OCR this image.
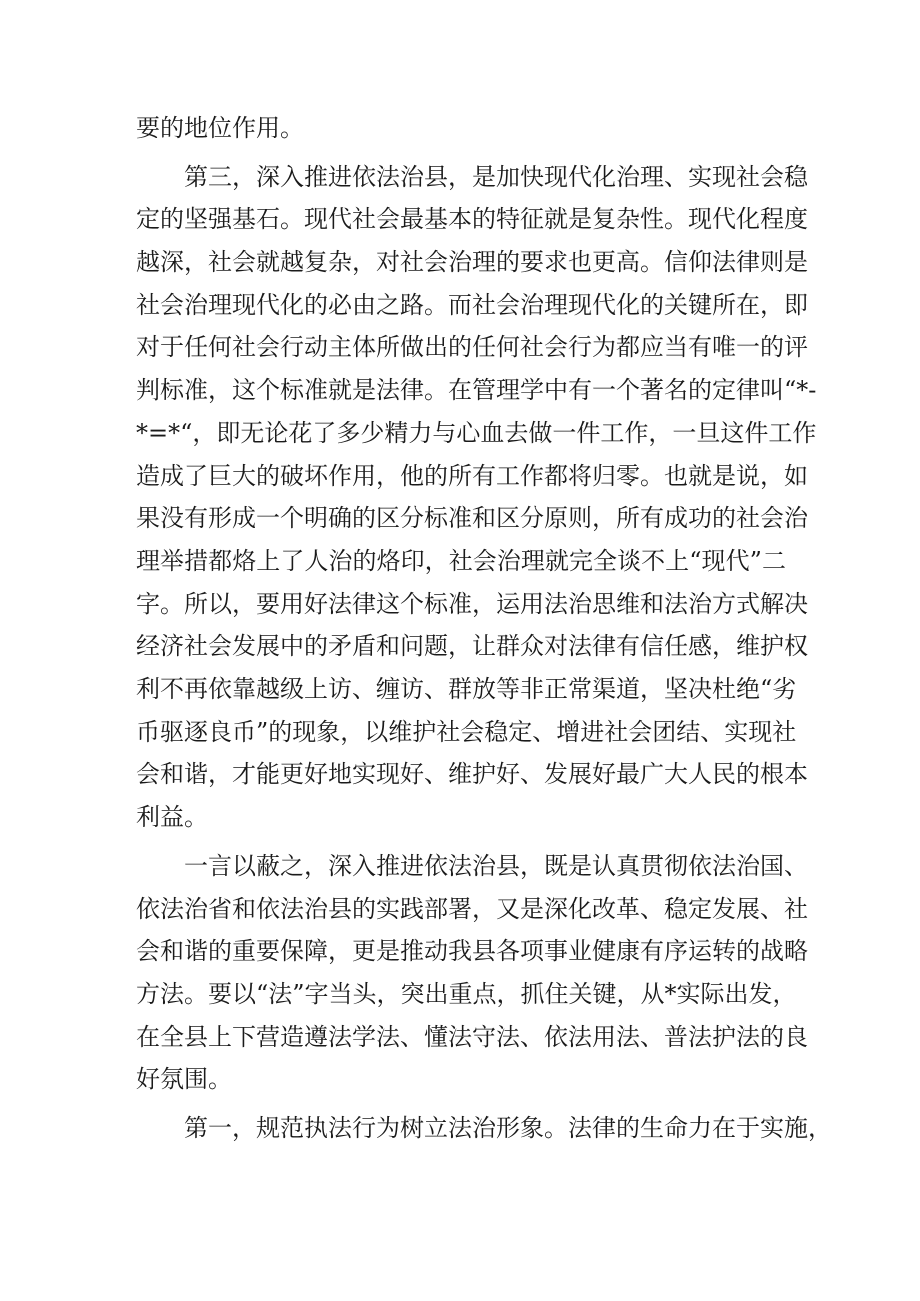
要的地位作用。
第三，深入推进依法治县，是加快现代化治理、实现社会稳
定的坚强基石。现代社会最基本的特征就是复杂性。现代化程度
越深，社会就越复杂，对社会治理的要求也更高。信仰法律则是
社会治理现代化的必由之路。而社会治理现代化的关键所在，即
对于任何社会行动主体所做出的任何社会行为都应当有唯一的评
判标准，这个标准就是法律。在管理学中有一个著名的定律叫“*-
*=*“，即无论花了多少精力与心血去做一件工作，一旦这件工作
造成了巨大的破坏作用，他的所有工作都将归零。也就是说，如
果没有形成一个明确的区分标准和区分原则，所有成功的社会治
理举措都烙上了人治的烙印，社会治理就完全谈不上“现代”二
字。所以，要用好法律这个标准，运用法治思维和法治方式解决
经济社会发展中的矛盾和问题，让群众对法律有信任感，维护权
利不再依靠越级上访、缠访、群放等非正常渠道，坚决杜绝“劣
币驱逐良币”的现象，以维护社会稳定、增进社会团结、实现社
会和谐，才能更好地实现好、维护好、发展好最广大人民的根本
利益。
一言以蔽之，深入推进依法治县，既是认真贯彻依法治国、
依法治省和依法治县的实践部署，又是深化改革、稳定发展、社
会和谐的重要保障，更是推动我县各项事业健康有序运转的战略
方法。要以“法”字当头，突出重点，抓住关键，从*实际出发，
在全县上下营造遵法学法、懂法守法、依法用法、普法护法的良
好氛围。
第一，规范执法行为树立法治形象。法律的生命力在于实施，
